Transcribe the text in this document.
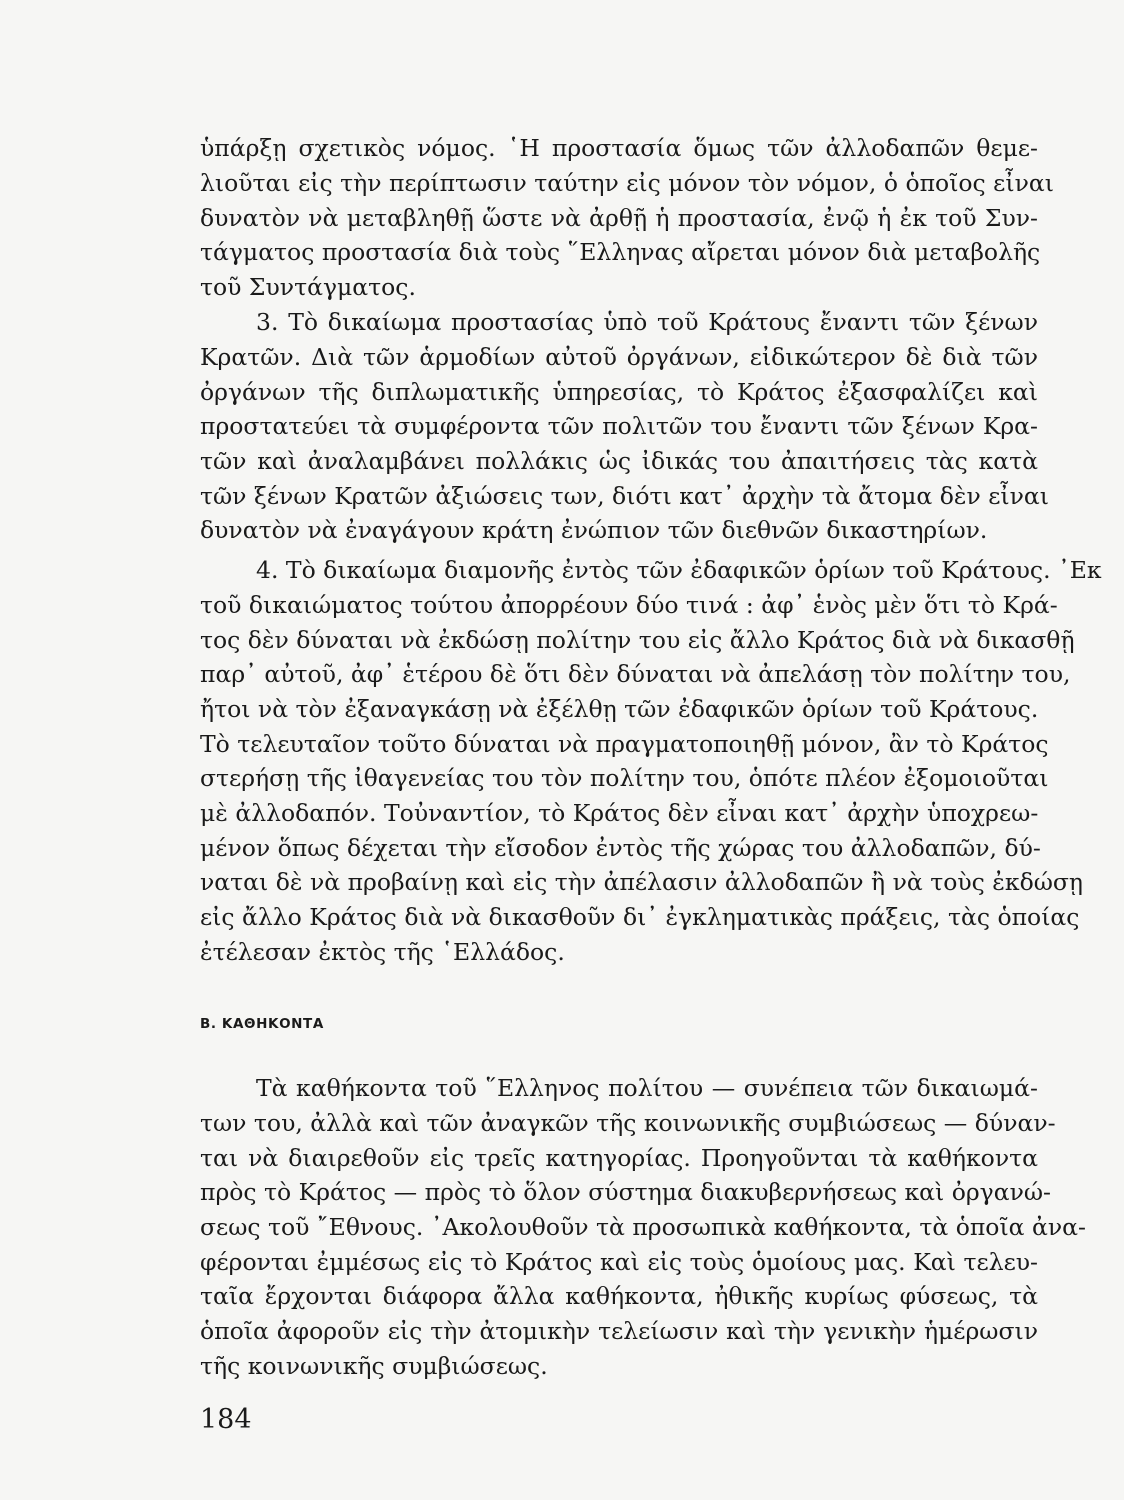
ὑπάρξῃ σχετικὸς νόμος. ῾Η προστασία ὅμως τῶν ἀλλοδαπῶν θεμε-
λιοῦται εἰς τὴν περίπτωσιν ταύτην εἰς μόνον τὸν νόμον, ὁ ὁποῖος εἶναι
δυνατὸν νὰ μεταβληθῇ ὥστε νὰ ἀρθῇ ἡ προστασία, ἐνῷ ἡ ἐκ τοῦ Συν-
τάγματος προστασία διὰ τοὺς ῞Ελληνας αἴρεται μόνον διὰ μεταβολῆς
τοῦ Συντάγματος.
3. Τὸ δικαίωμα προστασίας ὑπὸ τοῦ Κράτους ἔναντι τῶν ξένων
Κρατῶν. Διὰ τῶν ἁρμοδίων αὐτοῦ ὀργάνων, εἰδικώτερον δὲ διὰ τῶν
ὀργάνων τῆς διπλωματικῆς ὑπηρεσίας, τὸ Κράτος ἐξασφαλίζει καὶ
προστατεύει τὰ συμφέροντα τῶν πολιτῶν του ἔναντι τῶν ξένων Κρα-
τῶν καὶ ἀναλαμβάνει πολλάκις ὡς ἰδικάς του ἀπαιτήσεις τὰς κατὰ
τῶν ξένων Κρατῶν ἀξιώσεις των, διότι κατ᾽ ἀρχὴν τὰ ἄτομα δὲν εἶναι
δυνατὸν νὰ ἐναγάγουν κράτη ἐνώπιον τῶν διεθνῶν δικαστηρίων.
4. Τὸ δικαίωμα διαμονῆς ἐντὸς τῶν ἐδαφικῶν ὁρίων τοῦ Κράτους. ᾽Εκ
τοῦ δικαιώματος τούτου ἀπορρέουν δύο τινά : ἀφ᾽ ἑνὸς μὲν ὅτι τὸ Κρά-
τος δὲν δύναται νὰ ἐκδώσῃ πολίτην του εἰς ἄλλο Κράτος διὰ νὰ δικασθῇ
παρ᾽ αὐτοῦ, ἀφ᾽ ἑτέρου δὲ ὅτι δὲν δύναται νὰ ἀπελάσῃ τὸν πολίτην του,
ἤτοι νὰ τὸν ἐξαναγκάσῃ νὰ ἐξέλθῃ τῶν ἐδαφικῶν ὁρίων τοῦ Κράτους.
Τὸ τελευταῖον τοῦτο δύναται νὰ πραγματοποιηθῇ μόνον, ἂν τὸ Κράτος
στερήσῃ τῆς ἰθαγενείας του τὸν πολίτην του, ὁπότε πλέον ἐξομοιοῦται
μὲ ἀλλοδαπόν. Τοὐναντίον, τὸ Κράτος δὲν εἶναι κατ᾽ ἀρχὴν ὑποχρεω-
μένον ὅπως δέχεται τὴν εἴσοδον ἐντὸς τῆς χώρας του ἀλλοδαπῶν, δύ-
ναται δὲ νὰ προβαίνῃ καὶ εἰς τὴν ἀπέλασιν ἀλλοδαπῶν ἢ νὰ τοὺς ἐκδώσῃ
εἰς ἄλλο Κράτος διὰ νὰ δικασθοῦν δι᾽ ἐγκληματικὰς πράξεις, τὰς ὁποίας
ἐτέλεσαν ἐκτὸς τῆς ῾Ελλάδος.
Β. ΚΑΘΗΚΟΝΤΑ
Τὰ καθήκοντα τοῦ ῞Ελληνος πολίτου — συνέπεια τῶν δικαιωμά-
των του, ἀλλὰ καὶ τῶν ἀναγκῶν τῆς κοινωνικῆς συμβιώσεως — δύναν-
ται νὰ διαιρεθοῦν εἰς τρεῖς κατηγορίας. Προηγοῦνται τὰ καθήκοντα
πρὸς τὸ Κράτος — πρὸς τὸ ὅλον σύστημα διακυβερνήσεως καὶ ὀργανώ-
σεως τοῦ ῎Εθνους. ᾽Ακολουθοῦν τὰ προσωπικὰ καθήκοντα, τὰ ὁποῖα ἀνα-
φέρονται ἐμμέσως εἰς τὸ Κράτος καὶ εἰς τοὺς ὁμοίους μας. Καὶ τελευ-
ταῖα ἔρχονται διάφορα ἄλλα καθήκοντα, ἠθικῆς κυρίως φύσεως, τὰ
ὁποῖα ἀφοροῦν εἰς τὴν ἀτομικὴν τελείωσιν καὶ τὴν γενικὴν ἡμέρωσιν
τῆς κοινωνικῆς συμβιώσεως.
184
